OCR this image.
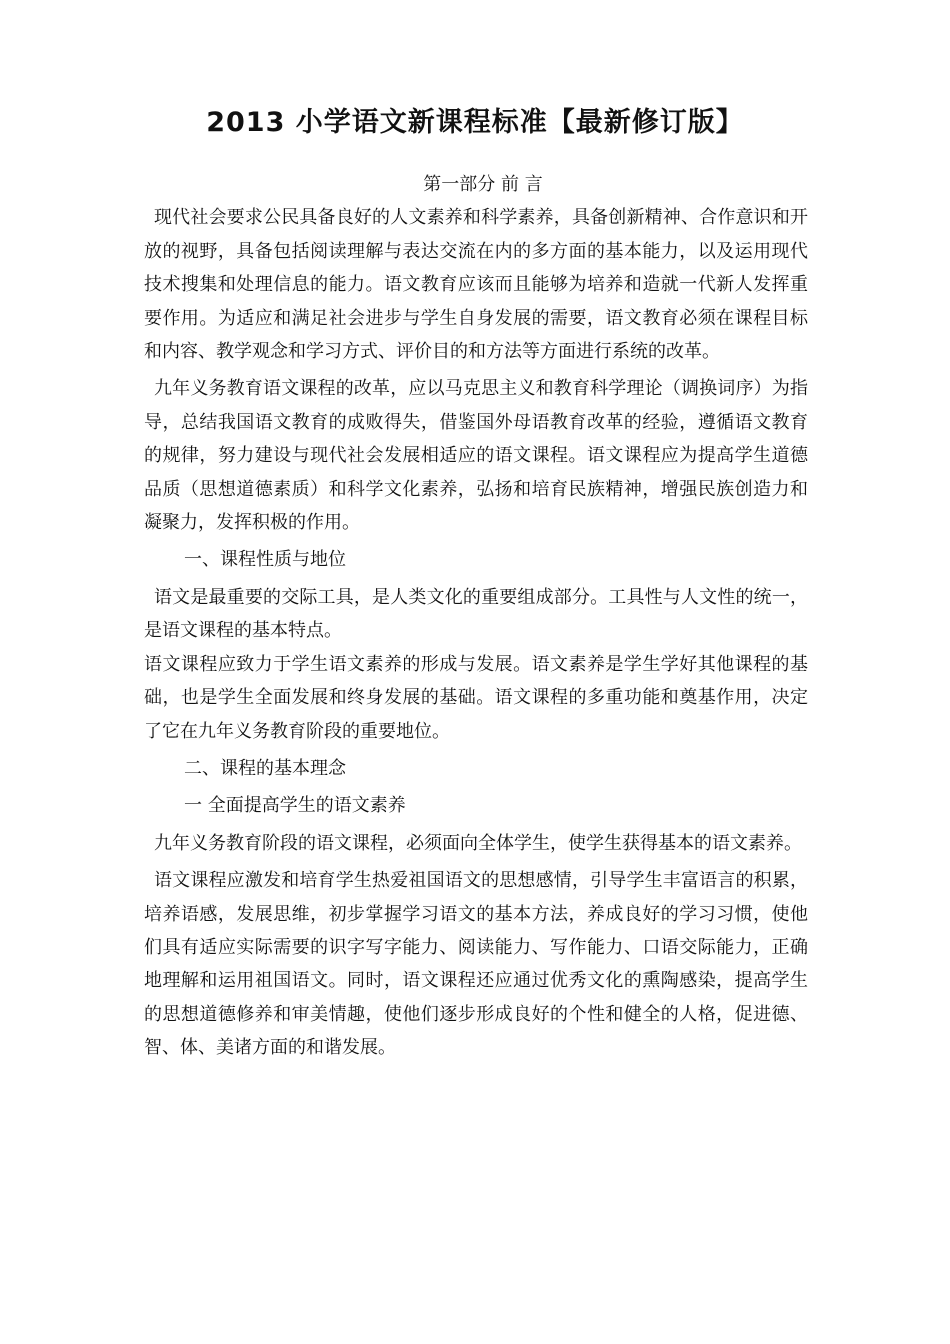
2013 小学语文新课程标准【最新修订版】

第一部分 前 言

现代社会要求公民具备良好的人文素养和科学素养，具备创新精神、合作意识和开放的视野，具备包括阅读理解与表达交流在内的多方面的基本能力，以及运用现代技术搜集和处理信息的能力。语文教育应该而且能够为培养和造就一代新人发挥重要作用。为适应和满足社会进步与学生自身发展的需要，语文教育必须在课程目标和内容、教学观念和学习方式、评价目的和方法等方面进行系统的改革。

九年义务教育语文课程的改革，应以马克思主义和教育科学理论（调换词序）为指导，总结我国语文教育的成败得失，借鉴国外母语教育改革的经验，遵循语文教育的规律，努力建设与现代社会发展相适应的语文课程。语文课程应为提高学生道德品质（思想道德素质）和科学文化素养，弘扬和培育民族精神，增强民族创造力和凝聚力，发挥积极的作用。

一、课程性质与地位

语文是最重要的交际工具，是人类文化的重要组成部分。工具性与人文性的统一，是语文课程的基本特点。

语文课程应致力于学生语文素养的形成与发展。语文素养是学生学好其他课程的基础，也是学生全面发展和终身发展的基础。语文课程的多重功能和奠基作用，决定了它在九年义务教育阶段的重要地位。

二、课程的基本理念

一 全面提高学生的语文素养

九年义务教育阶段的语文课程，必须面向全体学生，使学生获得基本的语文素养。

语文课程应激发和培育学生热爱祖国语文的思想感情，引导学生丰富语言的积累，培养语感，发展思维，初步掌握学习语文的基本方法，养成良好的学习习惯，使他们具有适应实际需要的识字写字能力、阅读能力、写作能力、口语交际能力，正确地理解和运用祖国语文。同时，语文课程还应通过优秀文化的熏陶感染，提高学生的思想道德修养和审美情趣，使他们逐步形成良好的个性和健全的人格，促进德、智、体、美诸方面的和谐发展。
